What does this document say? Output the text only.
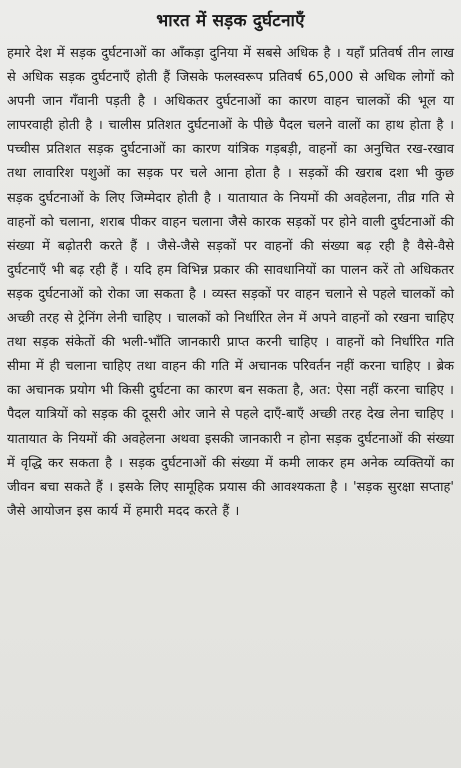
भारत में सड़क दुर्घटनाएँ

हमारे देश में सड़क दुर्घटनाओं का आँकड़ा दुनिया में सबसे अधिक है । यहाँ प्रतिवर्ष तीन लाख से अधिक सड़क दुर्घटनाएँ होती हैं जिसके फलस्वरूप प्रतिवर्ष 65,000 से अधिक लोगों को अपनी जान गँवानी पड़ती है । अधिकतर दुर्घटनाओं का कारण वाहन चालकों की भूल या लापरवाही होती है । चालीस प्रतिशत दुर्घटनाओं के पीछे पैदल चलने वालों का हाथ होता है । पच्चीस प्रतिशत सड़क दुर्घटनाओं का कारण यांत्रिक गड़बड़ी, वाहनों का अनुचित रख-रखाव तथा लावारिश पशुओं का सड़क पर चले आना होता है । सड़कों की खराब दशा भी कुछ सड़क दुर्घटनाओं के लिए जिम्मेदार होती है । यातायात के नियमों की अवहेलना, तीव्र गति से वाहनों को चलाना, शराब पीकर वाहन चलाना जैसे कारक सड़कों पर होने वाली दुर्घटनाओं की संख्या में बढ़ोतरी करते हैं । जैसे-जैसे सड़कों पर वाहनों की संख्या बढ़ रही है वैसे-वैसे दुर्घटनाएँ भी बढ़ रही हैं । यदि हम विभिन्न प्रकार की सावधानियों का पालन करें तो अधिकतर सड़क दुर्घटनाओं को रोका जा सकता है । व्यस्त सड़कों पर वाहन चलाने से पहले चालकों को अच्छी तरह से ट्रेनिंग लेनी चाहिए । चालकों को निर्धारित लेन में अपने वाहनों को रखना चाहिए तथा सड़क संकेतों की भली-भाँति जानकारी प्राप्त करनी चाहिए । वाहनों को निर्धारित गति सीमा में ही चलाना चाहिए तथा वाहन की गति में अचानक परिवर्तन नहीं करना चाहिए । ब्रेक का अचानक प्रयोग भी किसी दुर्घटना का कारण बन सकता है, अत: ऐसा नहीं करना चाहिए । पैदल यात्रियों को सड़क की दूसरी ओर जाने से पहले दाएँ-बाएँ अच्छी तरह देख लेना चाहिए । यातायात के नियमों की अवहेलना अथवा इसकी जानकारी न होना सड़क दुर्घटनाओं की संख्या में वृद्धि कर सकता है । सड़क दुर्घटनाओं की संख्या में कमी लाकर हम अनेक व्यक्तियों का जीवन बचा सकते हैं । इसके लिए सामूहिक प्रयास की आवश्यकता है । 'सड़क सुरक्षा सप्ताह' जैसे आयोजन इस कार्य में हमारी मदद करते हैं ।
